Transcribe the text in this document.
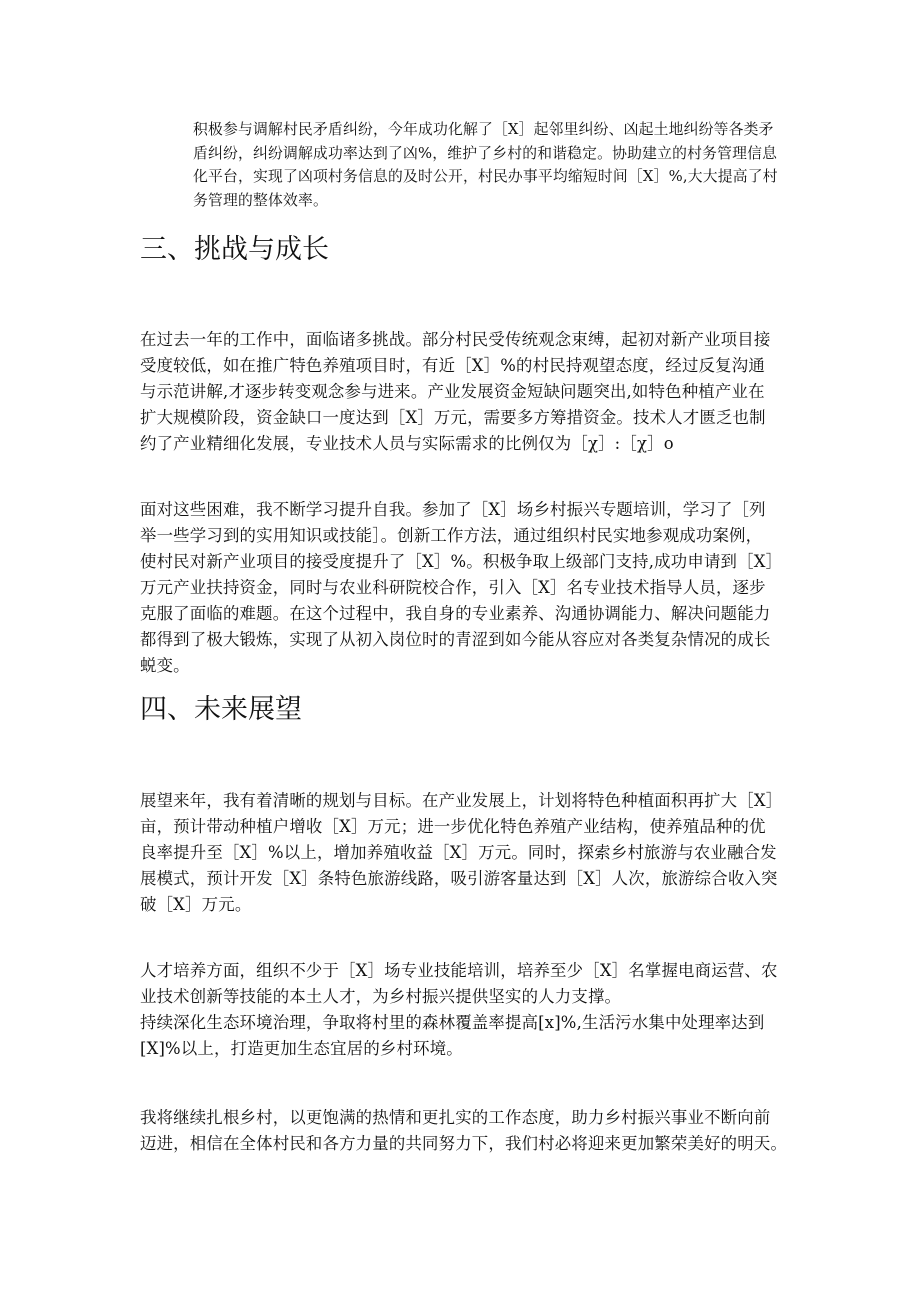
积极参与调解村民矛盾纠纷，今年成功化解了［X］起邻里纠纷、凶起土地纠纷等各类矛
盾纠纷，纠纷调解成功率达到了凶%，维护了乡村的和谐稳定。协助建立的村务管理信息
化平台，实现了凶项村务信息的及时公开，村民办事平均缩短时间［X］%,大大提高了村
务管理的整体效率。

三、挑战与成长

在过去一年的工作中，面临诸多挑战。部分村民受传统观念束缚，起初对新产业项目接
受度较低，如在推广特色养殖项目时，有近［X］%的村民持观望态度，经过反复沟通
与示范讲解,才逐步转变观念参与进来。产业发展资金短缺问题突出,如特色种植产业在
扩大规模阶段，资金缺口一度达到［X］万元，需要多方筹措资金。技术人才匮乏也制
约了产业精细化发展，专业技术人员与实际需求的比例仅为［χ］:［χ］o

面对这些困难，我不断学习提升自我。参加了［X］场乡村振兴专题培训，学习了［列
举一些学习到的实用知识或技能］。创新工作方法，通过组织村民实地参观成功案例，
使村民对新产业项目的接受度提升了［X］%。积极争取上级部门支持,成功申请到［X］
万元产业扶持资金，同时与农业科研院校合作，引入［X］名专业技术指导人员，逐步
克服了面临的难题。在这个过程中，我自身的专业素养、沟通协调能力、解决问题能力
都得到了极大锻炼，实现了从初入岗位时的青涩到如今能从容应对各类复杂情况的成长
蜕变。

四、未来展望

展望来年，我有着清晰的规划与目标。在产业发展上，计划将特色种植面积再扩大［X］
亩，预计带动种植户增收［X］万元；进一步优化特色养殖产业结构，使养殖品种的优
良率提升至［X］%以上，增加养殖收益［X］万元。同时，探索乡村旅游与农业融合发
展模式，预计开发［X］条特色旅游线路，吸引游客量达到［X］人次，旅游综合收入突
破［X］万元。

人才培养方面，组织不少于［X］场专业技能培训，培养至少［X］名掌握电商运营、农
业技术创新等技能的本土人才，为乡村振兴提供坚实的人力支撑。
持续深化生态环境治理，争取将村里的森林覆盖率提高[x]%,生活污水集中处理率达到
[X]%以上，打造更加生态宜居的乡村环境。

我将继续扎根乡村，以更饱满的热情和更扎实的工作态度，助力乡村振兴事业不断向前
迈进，相信在全体村民和各方力量的共同努力下，我们村必将迎来更加繁荣美好的明天。
